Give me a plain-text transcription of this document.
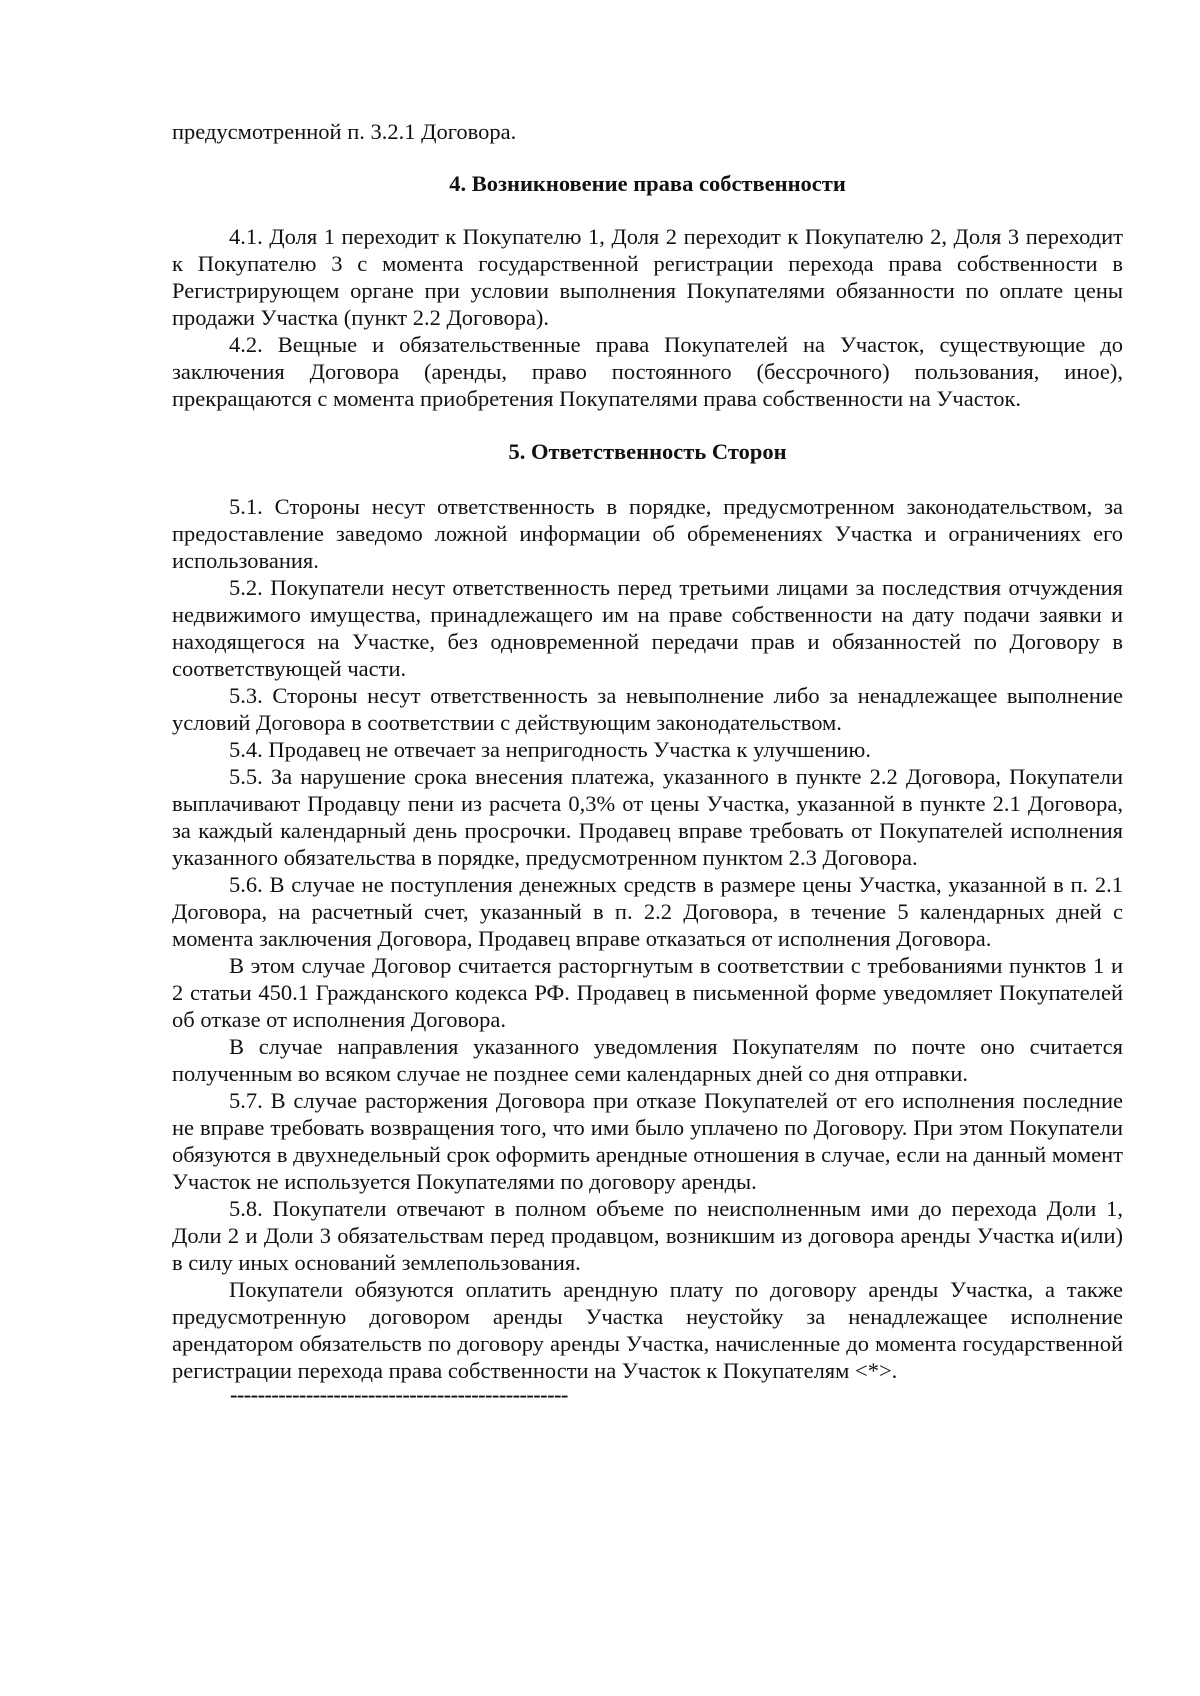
предусмотренной п. 3.2.1 Договора.

4. Возникновение права собственности

4.1. Доля 1 переходит к Покупателю 1, Доля 2 переходит к Покупателю 2, Доля 3 переходит к Покупателю 3 с момента государственной регистрации перехода права собственности в Регистрирующем органе при условии выполнения Покупателями обязанности по оплате цены продажи Участка (пункт 2.2 Договора).

4.2. Вещные и обязательственные права Покупателей на Участок, существующие до заключения Договора (аренды, право постоянного (бессрочного) пользования, иное), прекращаются с момента приобретения Покупателями права собственности на Участок.

5. Ответственность Сторон

5.1. Стороны несут ответственность в порядке, предусмотренном законодательством, за предоставление заведомо ложной информации об обременениях Участка и ограничениях его использования.

5.2. Покупатели несут ответственность перед третьими лицами за последствия отчуждения недвижимого имущества, принадлежащего им на праве собственности на дату подачи заявки и находящегося на Участке, без одновременной передачи прав и обязанностей по Договору в соответствующей части.

5.3. Стороны несут ответственность за невыполнение либо за ненадлежащее выполнение условий Договора в соответствии с действующим законодательством.

5.4. Продавец не отвечает за непригодность Участка к улучшению.

5.5. За нарушение срока внесения платежа, указанного в пункте 2.2 Договора, Покупатели выплачивают Продавцу пени из расчета 0,3% от цены Участка, указанной в пункте 2.1 Договора, за каждый календарный день просрочки. Продавец вправе требовать от Покупателей исполнения указанного обязательства в порядке, предусмотренном пунктом 2.3 Договора.

5.6. В случае не поступления денежных средств в размере цены Участка, указанной в п. 2.1 Договора, на расчетный счет, указанный в п. 2.2 Договора, в течение 5 календарных дней с момента заключения Договора, Продавец вправе отказаться от исполнения Договора.

В этом случае Договор считается расторгнутым в соответствии с требованиями пунктов 1 и 2 статьи 450.1 Гражданского кодекса РФ. Продавец в письменной форме уведомляет Покупателей об отказе от исполнения Договора.

В случае направления указанного уведомления Покупателям по почте оно считается полученным во всяком случае не позднее семи календарных дней со дня отправки.

5.7. В случае расторжения Договора при отказе Покупателей от его исполнения последние не вправе требовать возвращения того, что ими было уплачено по Договору. При этом Покупатели обязуются в двухнедельный срок оформить арендные отношения в случае, если на данный момент Участок не используется Покупателями по договору аренды.

5.8. Покупатели отвечают в полном объеме по неисполненным ими до перехода Доли 1, Доли 2 и Доли 3 обязательствам перед продавцом, возникшим из договора аренды Участка и(или) в силу иных оснований землепользования.

Покупатели обязуются оплатить арендную плату по договору аренды Участка, а также предусмотренную договором аренды Участка неустойку за ненадлежащее исполнение арендатором обязательств по договору аренды Участка, начисленные до момента государственной регистрации перехода права собственности на Участок к Покупателям <*>.

-------------------------------------------------
